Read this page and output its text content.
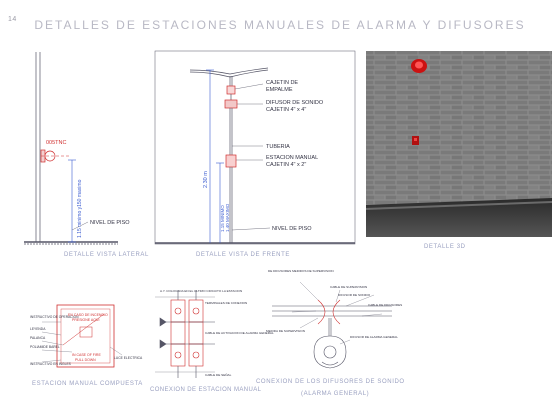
005TNC
1.15 minimo y150 maximo NIVEL DE PISO
DETALLE VISTA LATERAL
CAJETIN DE
EMPALME
DIFUSOR DE SONIDO
CAJETIN 4" x 4"
TUBERIA
ESTACION MANUAL
CAJETIN 4" x 2"
2.30 m
1.15 MINIMO 1.40 MAXIMO	NIVEL DE PISO
DETALLE VISTA DE FRENTE
DETALLE 3D
INSTRUCTIVO DE OPERACION
LEYENDA
PALANCA
POLIAMIDE BAREL
INSTRUCTIVO EN INGLES
EN CASO DE INCENDIO
PRESIONE AQUI
IN CASE OF FIRE
PULL DOWN	LUCE ELECTRICA
ESTACION MANUAL COMPUESTA
A.Y. COLOCADA EN EL ULTIMO CIRCUITO LA ESTACION
TERMINALES DE CONEXION
CABLE DE ACTIVACION DE ALARMA GENERAL
CABLE DE SEÑAL
CONEXION DE ESTACION MANUAL
DE DIFUSORES MEDIDOS DE SUPERVISION
CABLE DE SUPERVISION
DIFUSOR DE SONIDO
CABLE DE DIFUSORES
MEDIDA DE SUPERVISION
DIFUSOR DE ALARMA GENERAL
CONEXION DE LOS DIFUSORES DE SONIDO
(ALARMA GENERAL)
14	DETALLES DE ESTACIONES MANUALES DE ALARMA Y DIFUSORES
